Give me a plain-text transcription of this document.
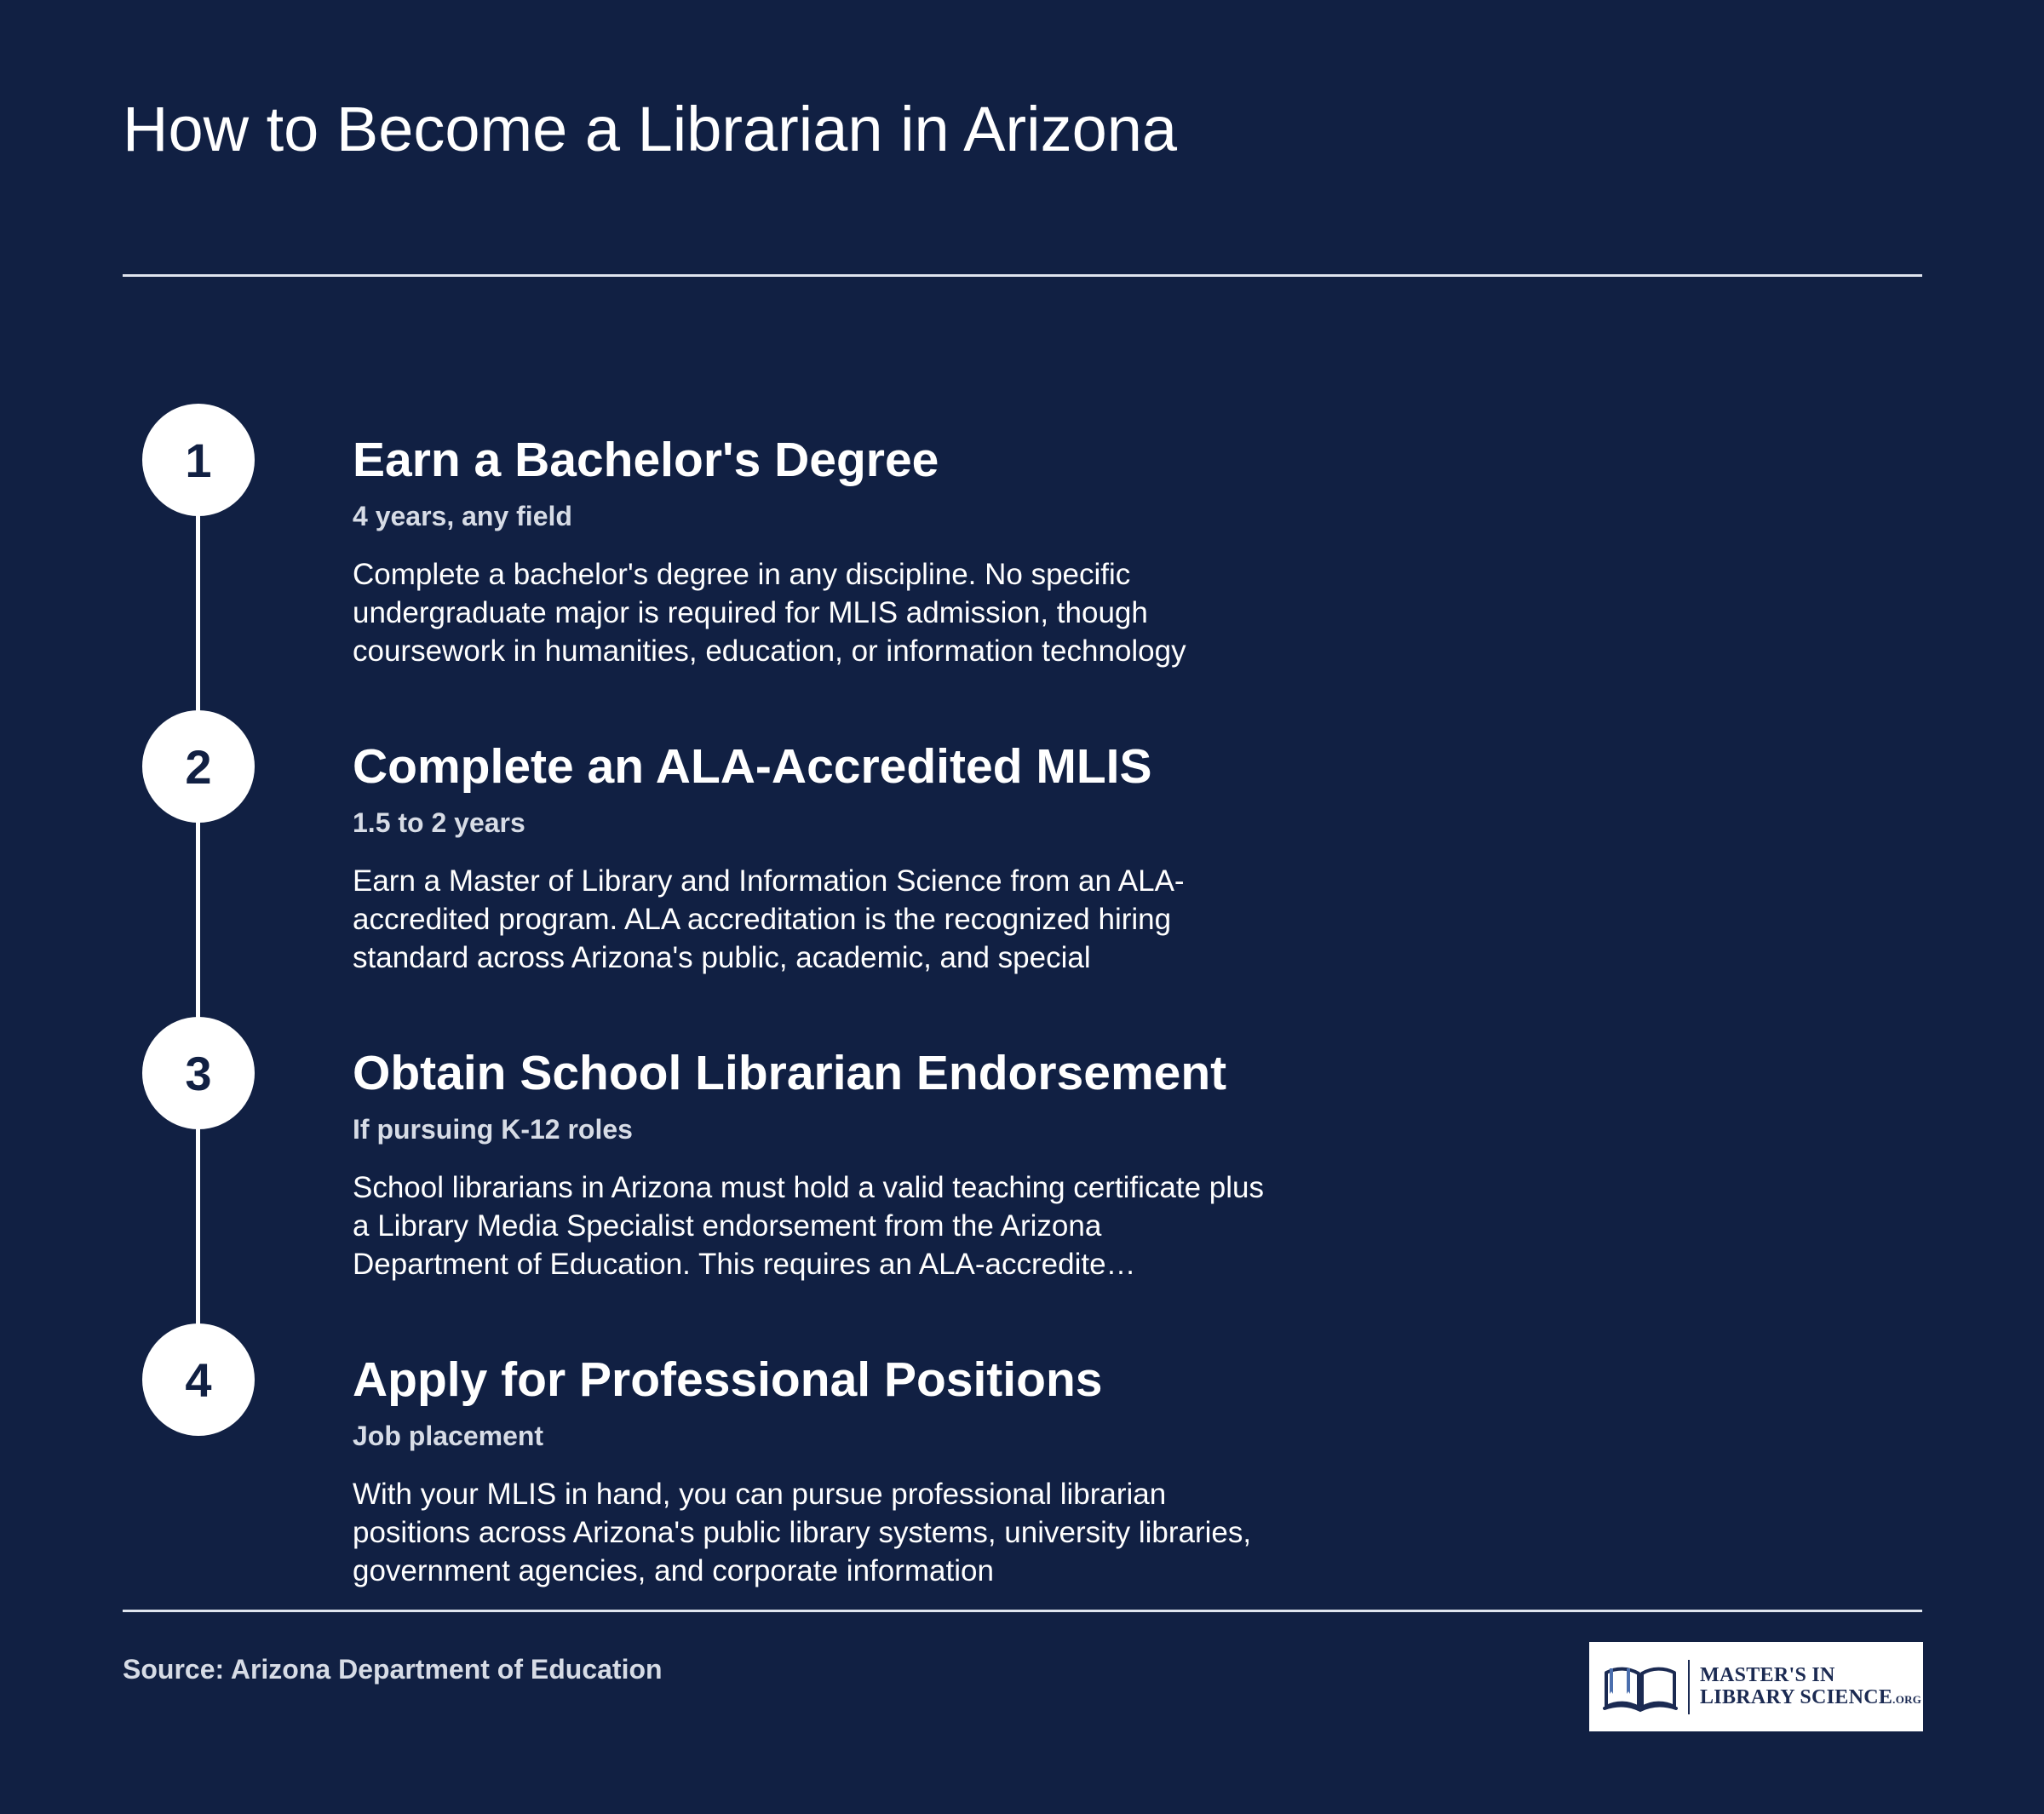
How to Become a Librarian in Arizona
1	Earn a Bachelor's Degree
4 years, any field
Complete a bachelor's degree in any discipline. No specific undergraduate major is required for MLIS admission, though coursework in humanities, education, or information technology
2	Complete an ALA-Accredited MLIS
1.5 to 2 years
Earn a Master of Library and Information Science from an ALA-accredited program. ALA accreditation is the recognized hiring standard across Arizona's public, academic, and special
3	Obtain School Librarian Endorsement
If pursuing K-12 roles
School librarians in Arizona must hold a valid teaching certificate plus a Library Media Specialist endorsement from the Arizona Department of Education. This requires an ALA-accredite…
4	Apply for Professional Positions
Job placement
With your MLIS in hand, you can pursue professional librarian positions across Arizona's public library systems, university libraries, government agencies, and corporate information
Source: Arizona Department of Education	MASTER'S IN
LIBRARY SCIENCE.ORG
